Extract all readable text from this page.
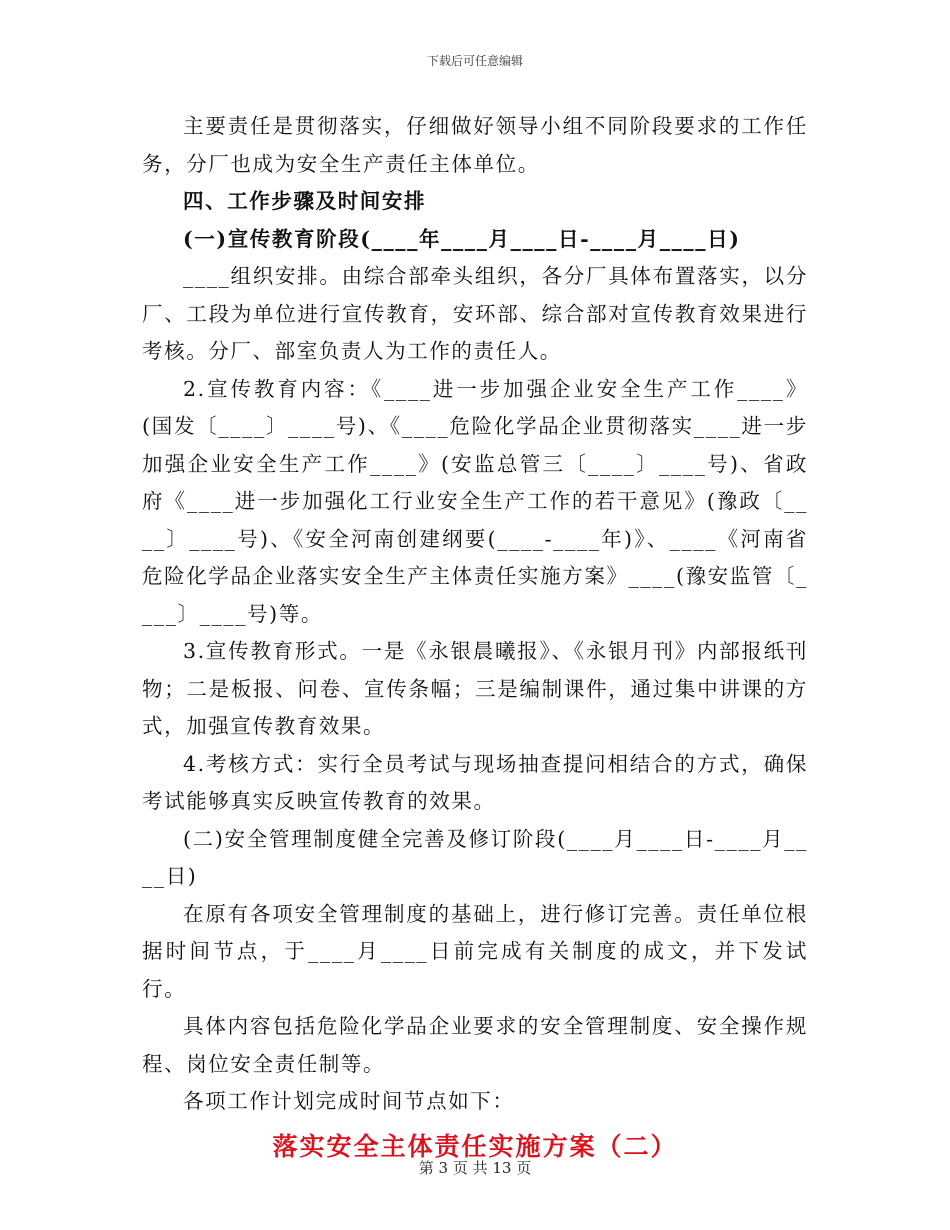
下载后可任意编辑

主要责任是贯彻落实，仔细做好领导小组不同阶段要求的工作任务，分厂也成为安全生产责任主体单位。

四、工作步骤及时间安排

(一)宣传教育阶段(____年____月____日-____月____日)

____组织安排。由综合部牵头组织，各分厂具体布置落实，以分厂、工段为单位进行宣传教育，安环部、综合部对宣传教育效果进行考核。分厂、部室负责人为工作的责任人。

2.宣传教育内容：《____进一步加强企业安全生产工作____》(国发〔____〕____号)、《____危险化学品企业贯彻落实____进一步加强企业安全生产工作____》(安监总管三〔____〕____号)、省政府《____进一步加强化工行业安全生产工作的若干意见》(豫政〔____〕____号)、《安全河南创建纲要(____-____年)》、____《河南省危险化学品企业落实安全生产主体责任实施方案》____(豫安监管〔____〕____号)等。

3.宣传教育形式。一是《永银晨曦报》、《永银月刊》内部报纸刊物；二是板报、问卷、宣传条幅；三是编制课件，通过集中讲课的方式，加强宣传教育效果。

4.考核方式：实行全员考试与现场抽查提问相结合的方式，确保考试能够真实反映宣传教育的效果。

(二)安全管理制度健全完善及修订阶段(____月____日-____月____日)

在原有各项安全管理制度的基础上，进行修订完善。责任单位根据时间节点，于____月____日前完成有关制度的成文，并下发试行。

具体内容包括危险化学品企业要求的安全管理制度、安全操作规程、岗位安全责任制等。

各项工作计划完成时间节点如下：

落实安全主体责任实施方案（二）
第 3 页 共 13 页
